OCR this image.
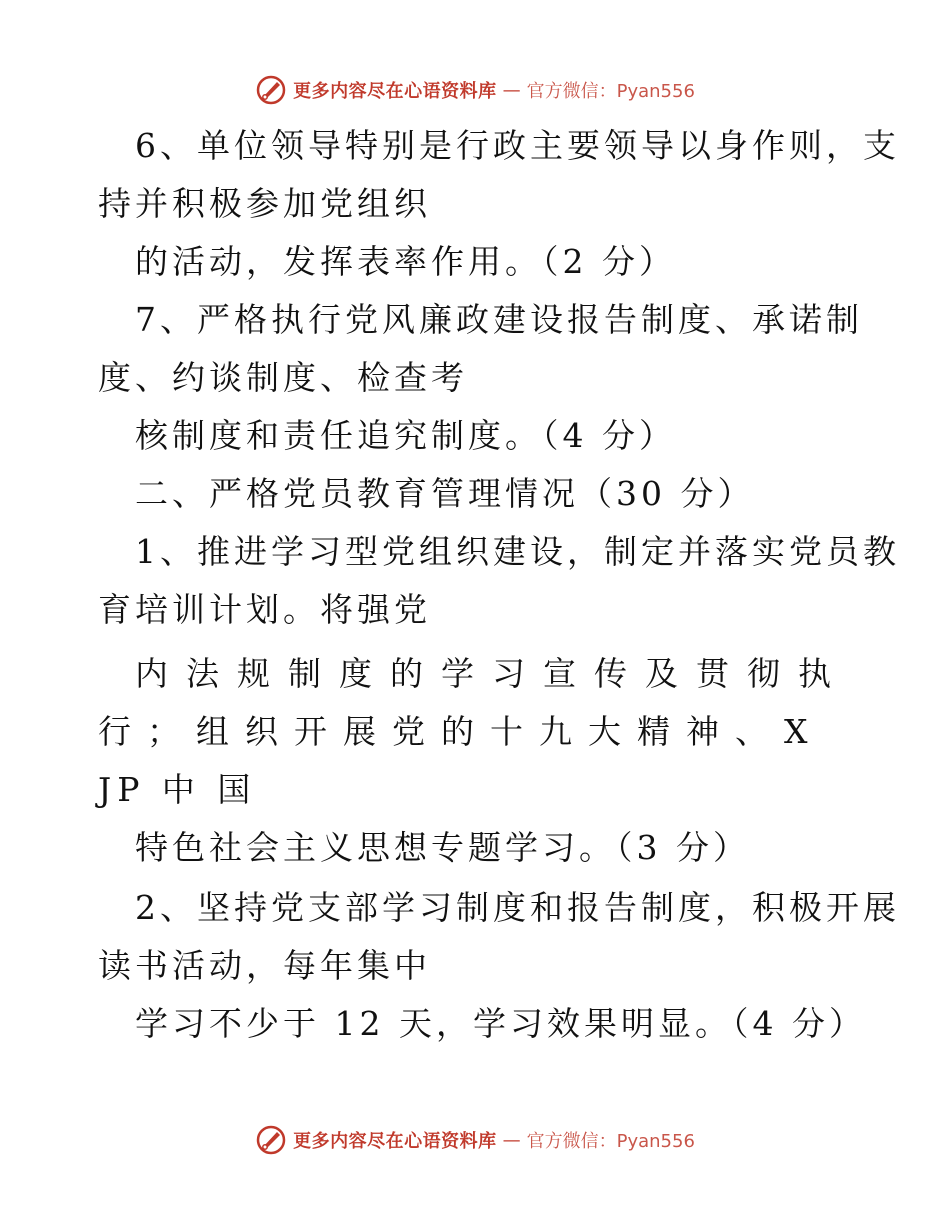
更多内容尽在心语资料库 — 官方微信：Pyan556
6、单位领导特别是行政主要领导以身作则，支
持并积极参加党组织
的活动，发挥表率作用。（2 分）
7、严格执行党风廉政建设报告制度、承诺制
度、约谈制度、检查考
核制度和责任追究制度。（4 分）
二、严格党员教育管理情况（30 分）
1、推进学习型党组织建设，制定并落实党员教
育培训计划。将强党
内法规制度的学习宣传及贯彻执
行；组织开展党的十九大精神、X
JP 中 国
特色社会主义思想专题学习。（3 分）
2、坚持党支部学习制度和报告制度，积极开展
读书活动，每年集中
学习不少于 12 天，学习效果明显。（4 分）
更多内容尽在心语资料库 — 官方微信：Pyan556
